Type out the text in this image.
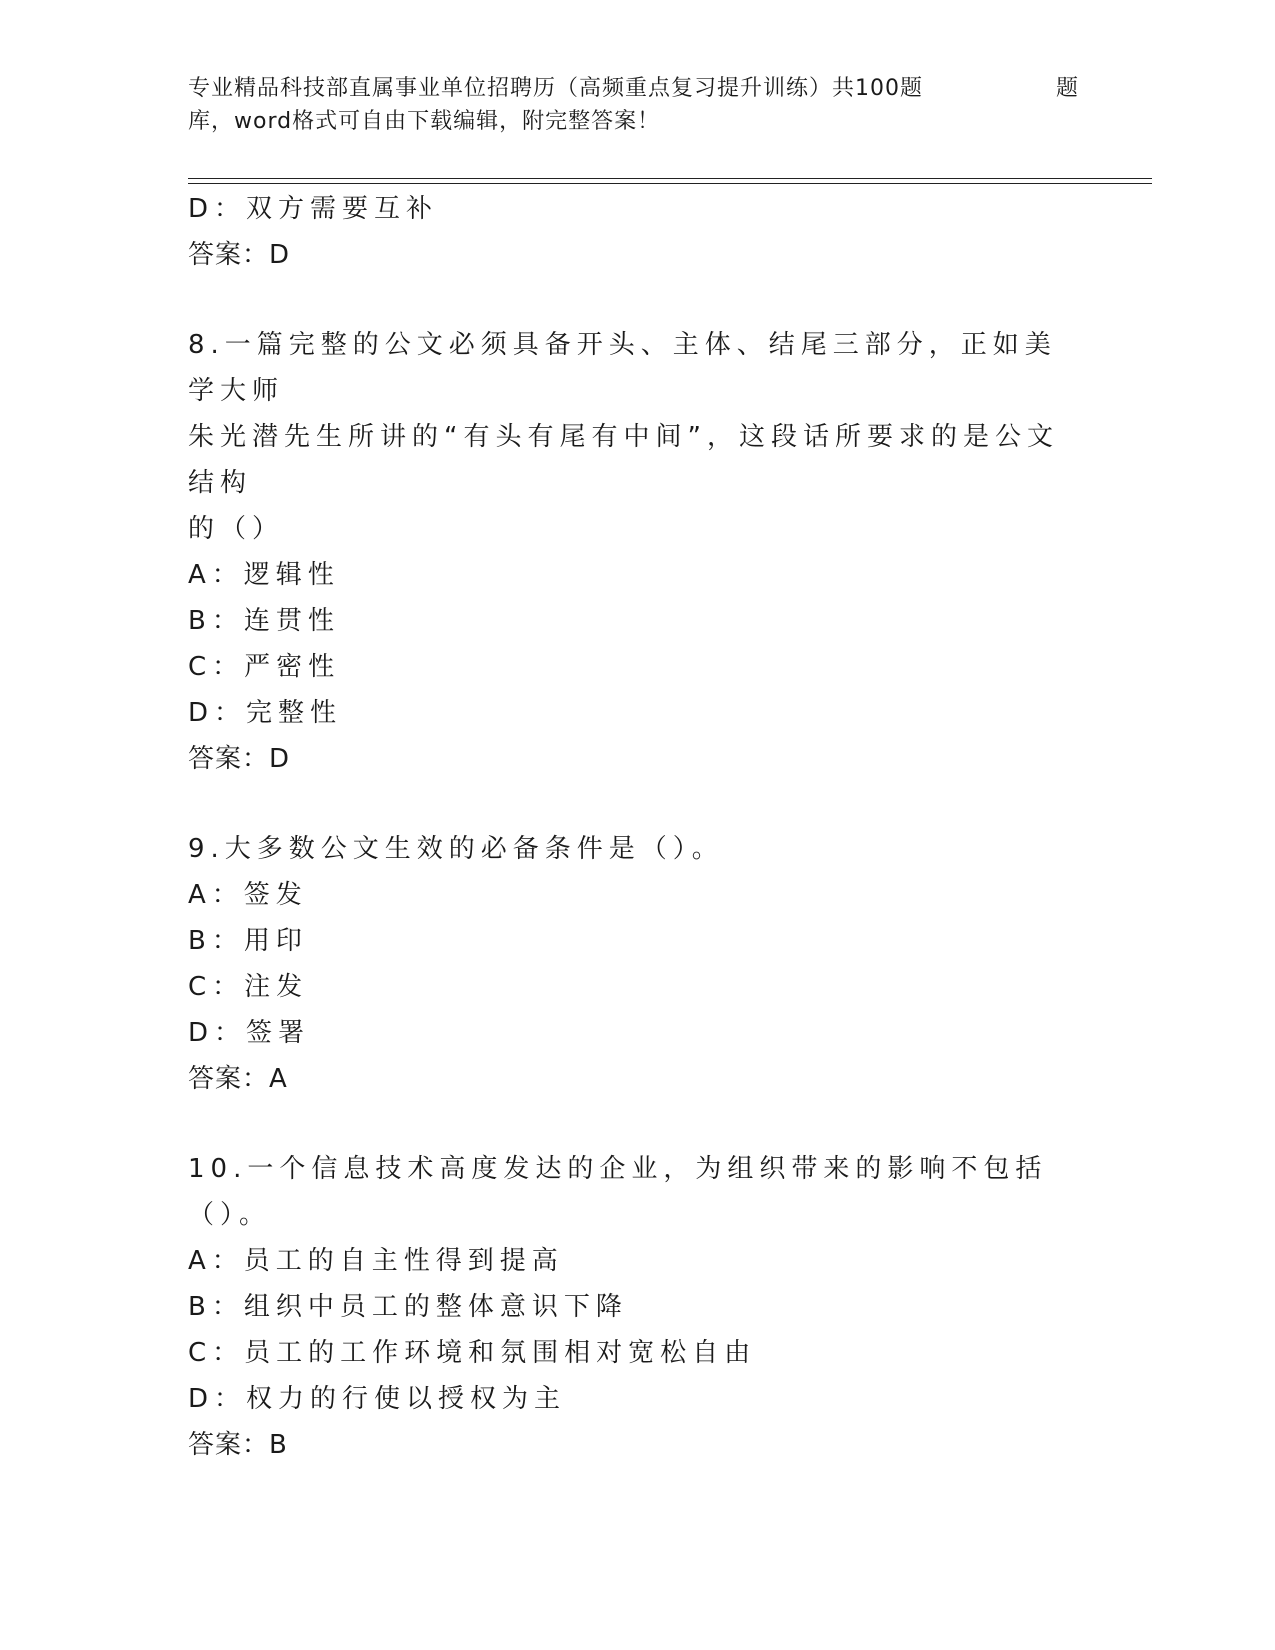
专业精品科技部直属事业单位招聘历（高频重点复习提升训练）共100题	题
库，word格式可自由下载编辑，附完整答案！
D：双方需要互补
答案：D
8.一篇完整的公文必须具备开头、主体、结尾三部分，正如美学大师
朱光潜先生所讲的“有头有尾有中间”，这段话所要求的是公文结构
的（）
A：逻辑性
B：连贯性
C：严密性
D：完整性
答案：D
9.大多数公文生效的必备条件是（）。
A：签发
B：用印
C：注发
D：签署
答案：A
10.一个信息技术高度发达的企业，为组织带来的影响不包括（）。
A：员工的自主性得到提高
B：组织中员工的整体意识下降
C：员工的工作环境和氛围相对宽松自由
D：权力的行使以授权为主
答案：B
